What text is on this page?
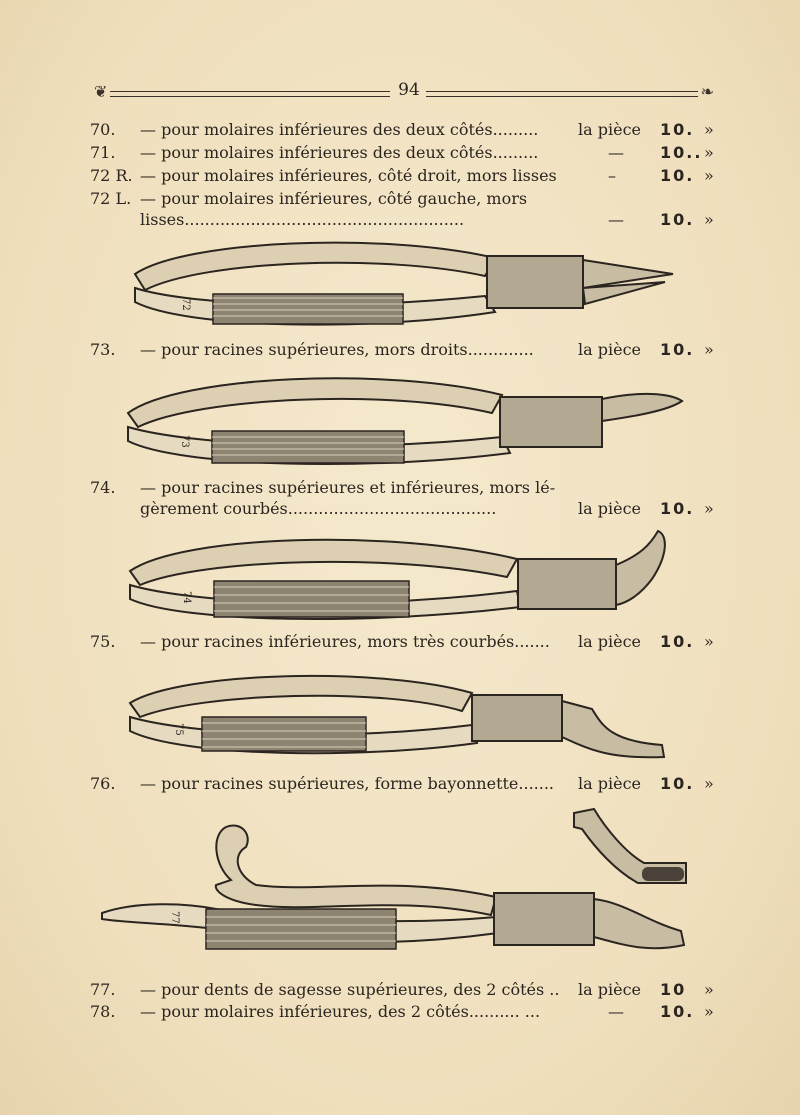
❦	94	❧
70. — pour molaires inférieures des deux côtés......... la pièce 10. »
71. — pour molaires inférieures des deux côtés.........	— 10.. »
72 R. — pour molaires inférieures, côté droit, mors lisses	–	10. »
72 L. — pour molaires inférieures, côté gauche, mors
lisses.......................................................	— 10. »
72
73. — pour racines supérieures, mors droits.............	la pièce 10. »
73
74. — pour racines supérieures et inférieures, mors lé-
gèrement courbés.........................................	la pièce 10. »
74
75. — pour racines inférieures, mors très courbés....... la pièce 10. »
75
76. — pour racines supérieures, forme bayonnette....... la pièce 10. »
77
77. — pour dents de sagesse supérieures, des 2 côtés .. la pièce 10 »
78. — pour molaires inférieures, des 2 côtés.......... ...	— 10. »
